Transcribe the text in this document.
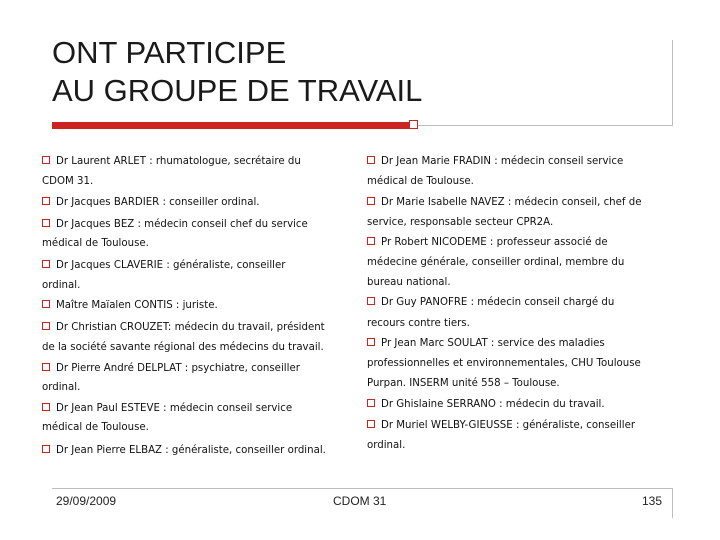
ONT PARTICIPE
AU GROUPE DE TRAVAIL
Dr Laurent ARLET : rhumatologue, secrétaire du
CDOM 31.
Dr Jacques BARDIER : conseiller ordinal.
Dr Jacques BEZ : médecin conseil chef du service
médical de Toulouse.
Dr Jacques CLAVERIE : généraliste, conseiller
ordinal.
Maître Maïalen CONTIS : juriste.
Dr Christian CROUZET: médecin du travail, président
de la société savante régional des médecins du travail.
Dr Pierre André DELPLAT : psychiatre, conseiller
ordinal.
Dr Jean Paul ESTEVE : médecin conseil service
médical de Toulouse.
Dr Jean Pierre ELBAZ : généraliste, conseiller ordinal.
Dr Jean Marie FRADIN : médecin conseil service
médical de Toulouse.
Dr Marie Isabelle NAVEZ : médecin conseil, chef de
service, responsable secteur CPR2A.
Pr Robert NICODEME : professeur associé de
médecine générale, conseiller ordinal, membre du
bureau national.
Dr Guy PANOFRE : médecin conseil chargé du
recours contre tiers.
Pr Jean Marc SOULAT : service des maladies
professionnelles et environnementales, CHU Toulouse
Purpan. INSERM unité 558 – Toulouse.
Dr Ghislaine SERRANO : médecin du travail.
Dr Muriel WELBY-GIEUSSE : généraliste, conseiller
ordinal.
29/09/2009	CDOM 31	135
